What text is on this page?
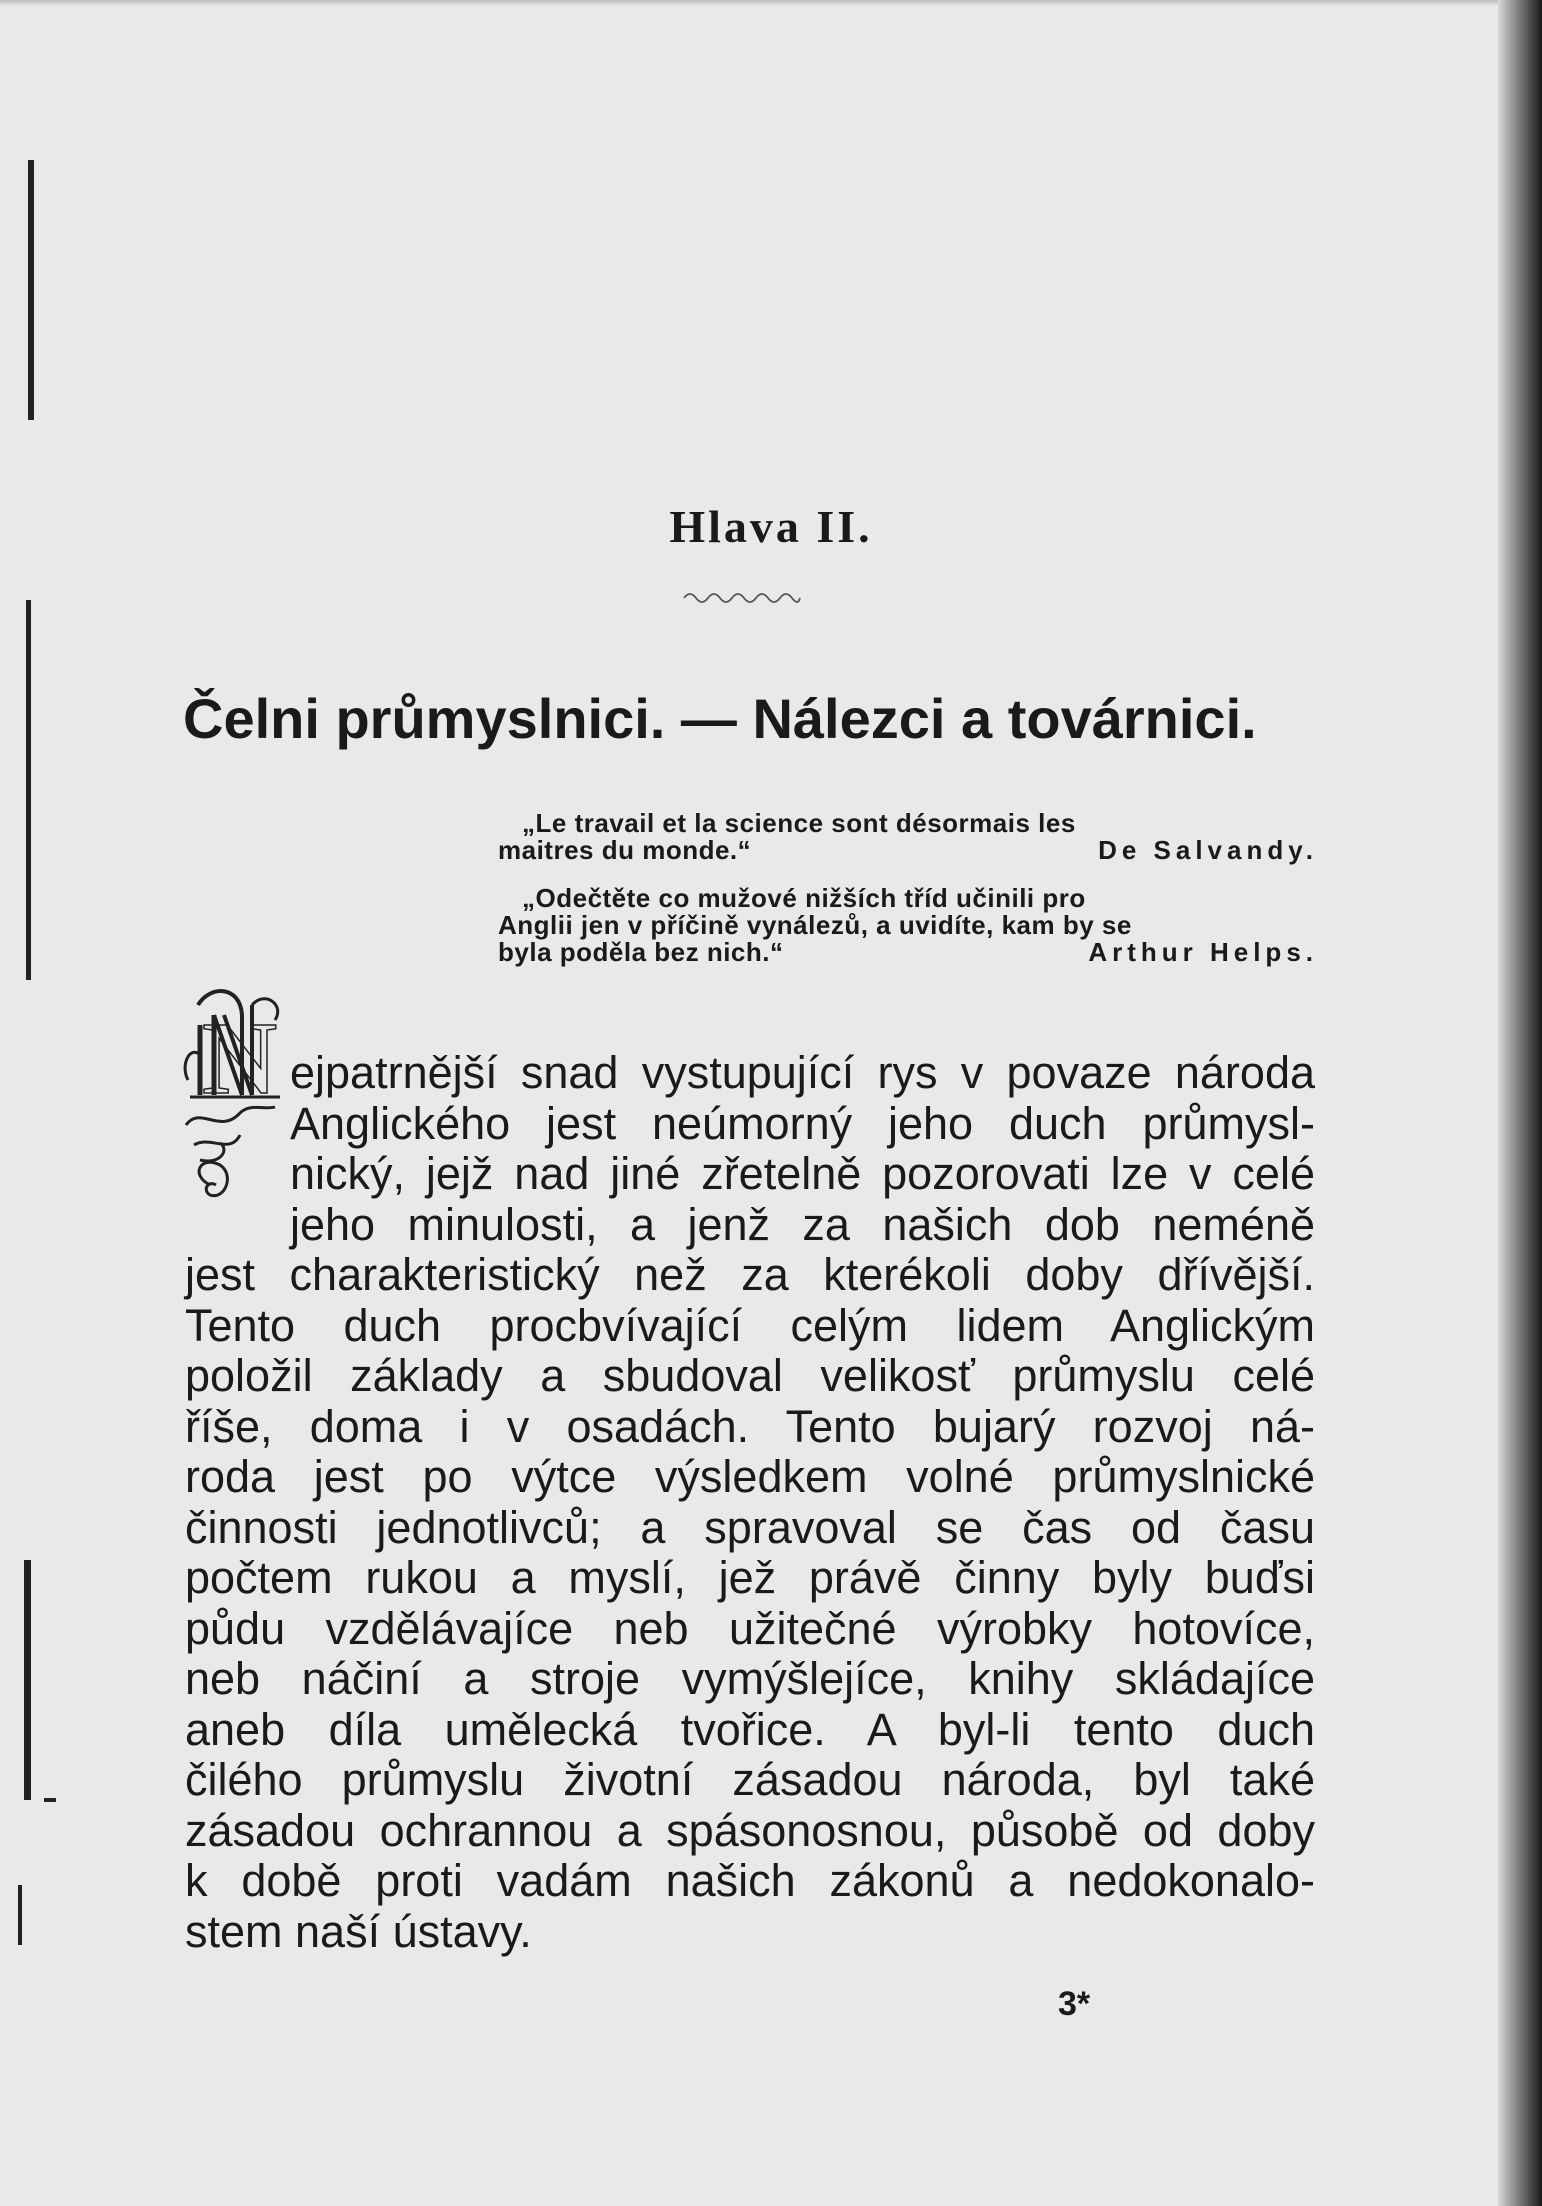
Hlava II.
Čelni průmyslnici. — Nálezci a továrnici.

„Le travail et la science sont désormais les

maitres du monde.“	De Salvandy.

„Odečtěte co mužové nižších tříd učinili pro

Anglii jen v příčině vynálezů, a uvidíte, kam by se

byla poděla bez nich.“	Arthur Helps.

N ejpatrnější snad vystupující rys v povaze národa
Anglického jest neúmorný jeho duch průmysl-
nický, jejž nad jiné zřetelně pozorovati lze v celé
jeho minulosti, a jenž za našich dob neméně
jest charakteristický než za kterékoli doby dřívější.
Tento duch procbvívající celým lidem Anglickým
položil základy a sbudoval velikosť průmyslu celé
říše, doma i v osadách. Tento bujarý rozvoj ná-
roda jest po výtce výsledkem volné průmyslnické
činnosti jednotlivců; a spravoval se čas od času
počtem rukou a myslí, jež právě činny byly buďsi
půdu vzdělávajíce neb užitečné výrobky hotovíce,
neb náčiní a stroje vymýšlejíce, knihy skládajíce
aneb díla umělecká tvořice. A byl-li tento duch
čilého průmyslu životní zásadou národa, byl také
zásadou ochrannou a spásonosnou, působě od doby
k době proti vadám našich zákonů a nedokonalo-
stem naší ústavy.
3*
